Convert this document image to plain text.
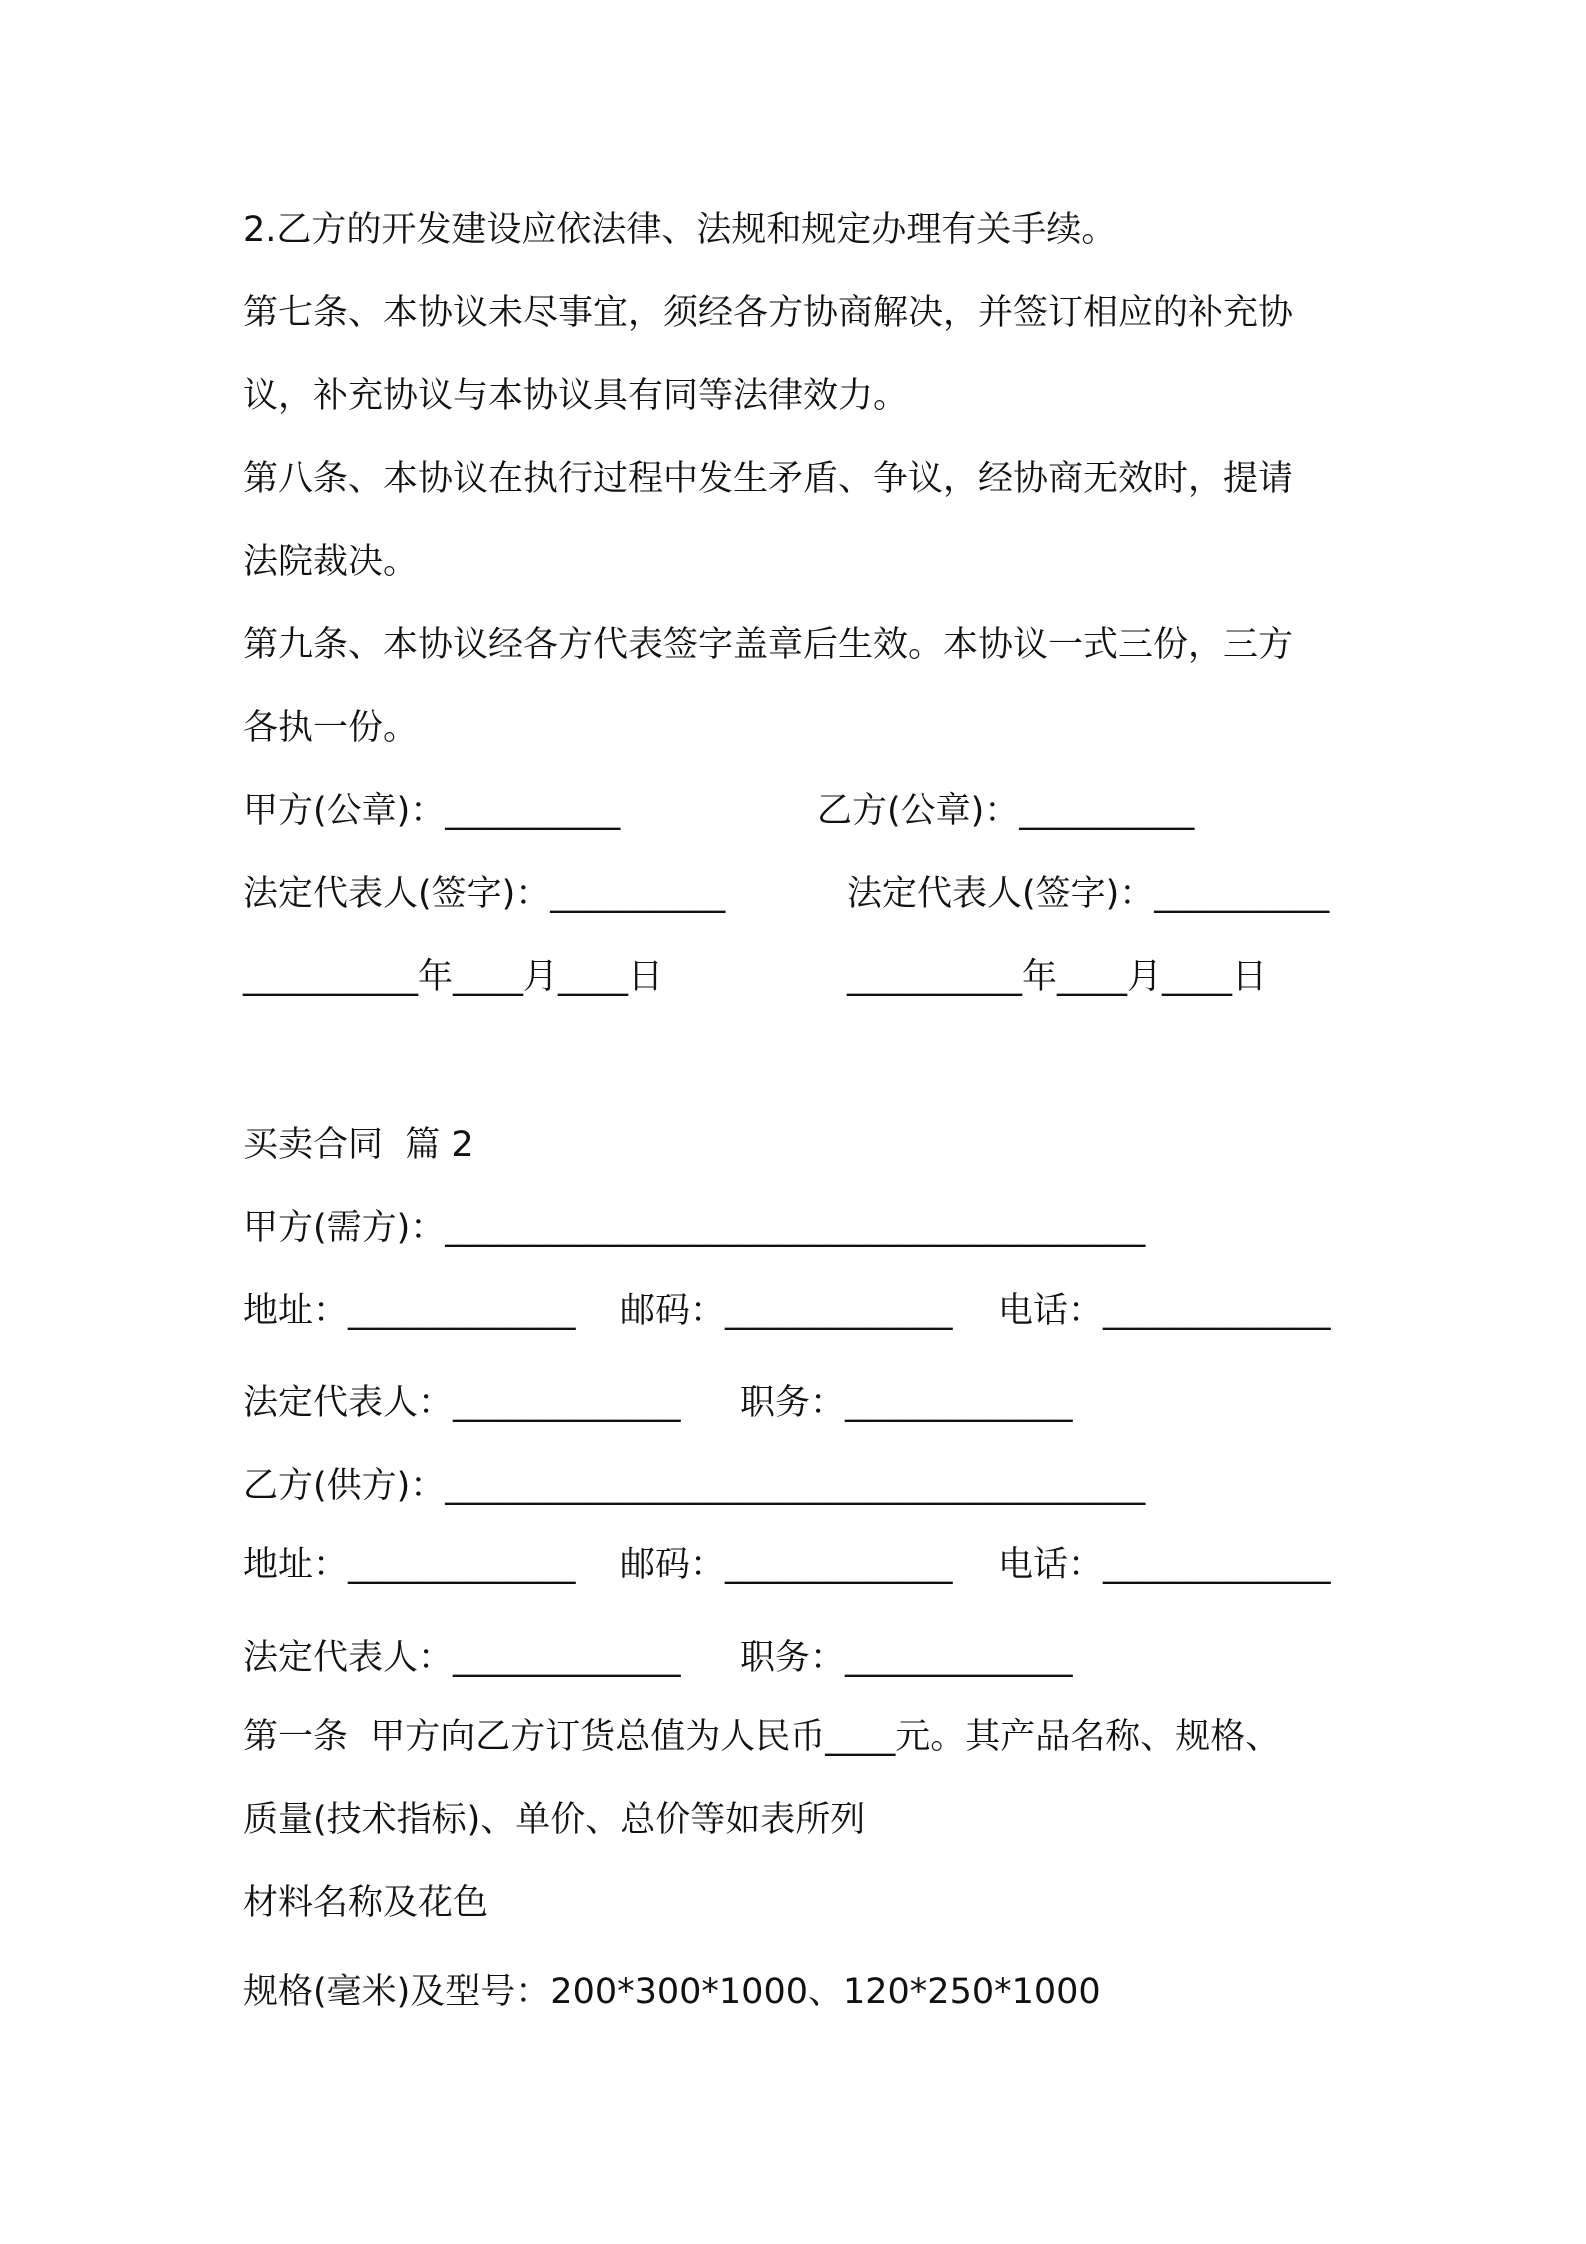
2.乙方的开发建设应依法律、法规和规定办理有关手续。
第七条、本协议未尽事宜，须经各方协商解决，并签订相应的补充协
议，补充协议与本协议具有同等法律效力。
第八条、本协议在执行过程中发生矛盾、争议，经协商无效时，提请
法院裁决。
第九条、本协议经各方代表签字盖章后生效。本协议一式三份，三方
各执一份。
甲方(公章)：__________	乙方(公章)：__________
法定代表人(签字)：__________	法定代表人(签字)：__________
__________年____月____日	__________年____月____日
买卖合同  篇 2
甲方(需方)：________________________________________
地址：_____________ 邮码：_____________ 电话：_____________
法定代表人：_____________ 职务：_____________
乙方(供方)：________________________________________
地址：_____________ 邮码：_____________ 电话：_____________
法定代表人：_____________ 职务：_____________
第一条  甲方向乙方订货总值为人民币____元。其产品名称、规格、
质量(技术指标)、单价、总价等如表所列
材料名称及花色
规格(毫米)及型号：200*300*1000、120*250*1000
